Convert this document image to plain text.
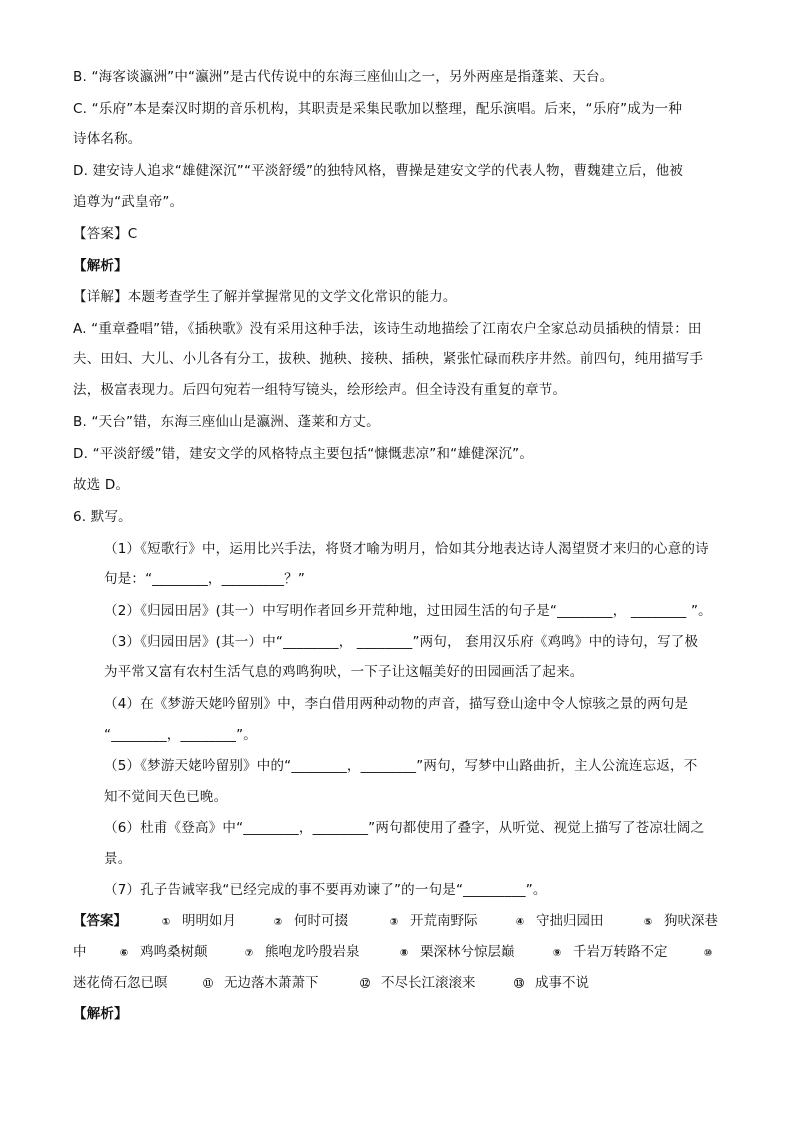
B. “海客谈瀛洲”中“瀛洲”是古代传说中的东海三座仙山之一，另外两座是指蓬莱、天台。
C. “乐府”本是秦汉时期的音乐机构，其职责是采集民歌加以整理，配乐演唱。后来，“乐府”成为一种
诗体名称。
D. 建安诗人追求“雄健深沉”“平淡舒缓”的独特风格，曹操是建安文学的代表人物，曹魏建立后，他被
追尊为“武皇帝”。
【答案】C
【解析】
【详解】本题考查学生了解并掌握常见的文学文化常识的能力。
A. “重章叠唱”错，《插秧歌》没有采用这种手法，该诗生动地描绘了江南农户全家总动员插秧的情景：田
夫、田妇、大儿、小儿各有分工，拔秧、抛秧、接秧、插秧，紧张忙碌而秩序井然。前四句，纯用描写手
法，极富表现力。后四句宛若一组特写镜头，绘形绘声。但全诗没有重复的章节。
B. “天台”错，东海三座仙山是瀛洲、蓬莱和方丈。
D. “平淡舒缓”错，建安文学的风格特点主要包括“慷慨悲凉”和“雄健深沉”。
故选 D。
6. 默写。
（1）《短歌行》中，运用比兴手法，将贤才喻为明月，恰如其分地表达诗人渴望贤才来归的心意的诗
句是：“________，_________？”
（2）《归园田居》(其一）中写明作者回乡开荒种地，过田园生活的句子是“________， ________ ”。
（3）《归园田居》(其一）中“________， ________”两句， 套用汉乐府《鸡鸣》中的诗句，写了极
为平常又富有农村生活气息的鸡鸣狗吠，一下子让这幅美好的田园画活了起来。
（4）在《梦游天姥吟留别》中，李白借用两种动物的声音，描写登山途中令人惊骇之景的两句是
“________，________”。
（5）《梦游天姥吟留别》中的“________，________”两句，写梦中山路曲折，主人公流连忘返，不
知不觉间天色已晚。
（6）杜甫《登高》中“________，________”两句都使用了叠字，从听觉、视觉上描写了苍凉壮阔之
景。
（7）孔子告诫宰我“已经完成的事不要再劝谏了”的一句是“_________”。
【答案】	① 明明如月	② 何时可掇	③ 开荒南野际	④ 守拙归园田	⑤ 狗吠深巷
中	⑥ 鸡鸣桑树颠	⑦ 熊咆龙吟殷岩泉	⑧ 栗深林兮惊层巅	⑨ 千岩万转路不定	⑩
迷花倚石忽已暝	⑪ 无边落木萧萧下	⑫ 不尽长江滚滚来	⑬ 成事不说
【解析】
